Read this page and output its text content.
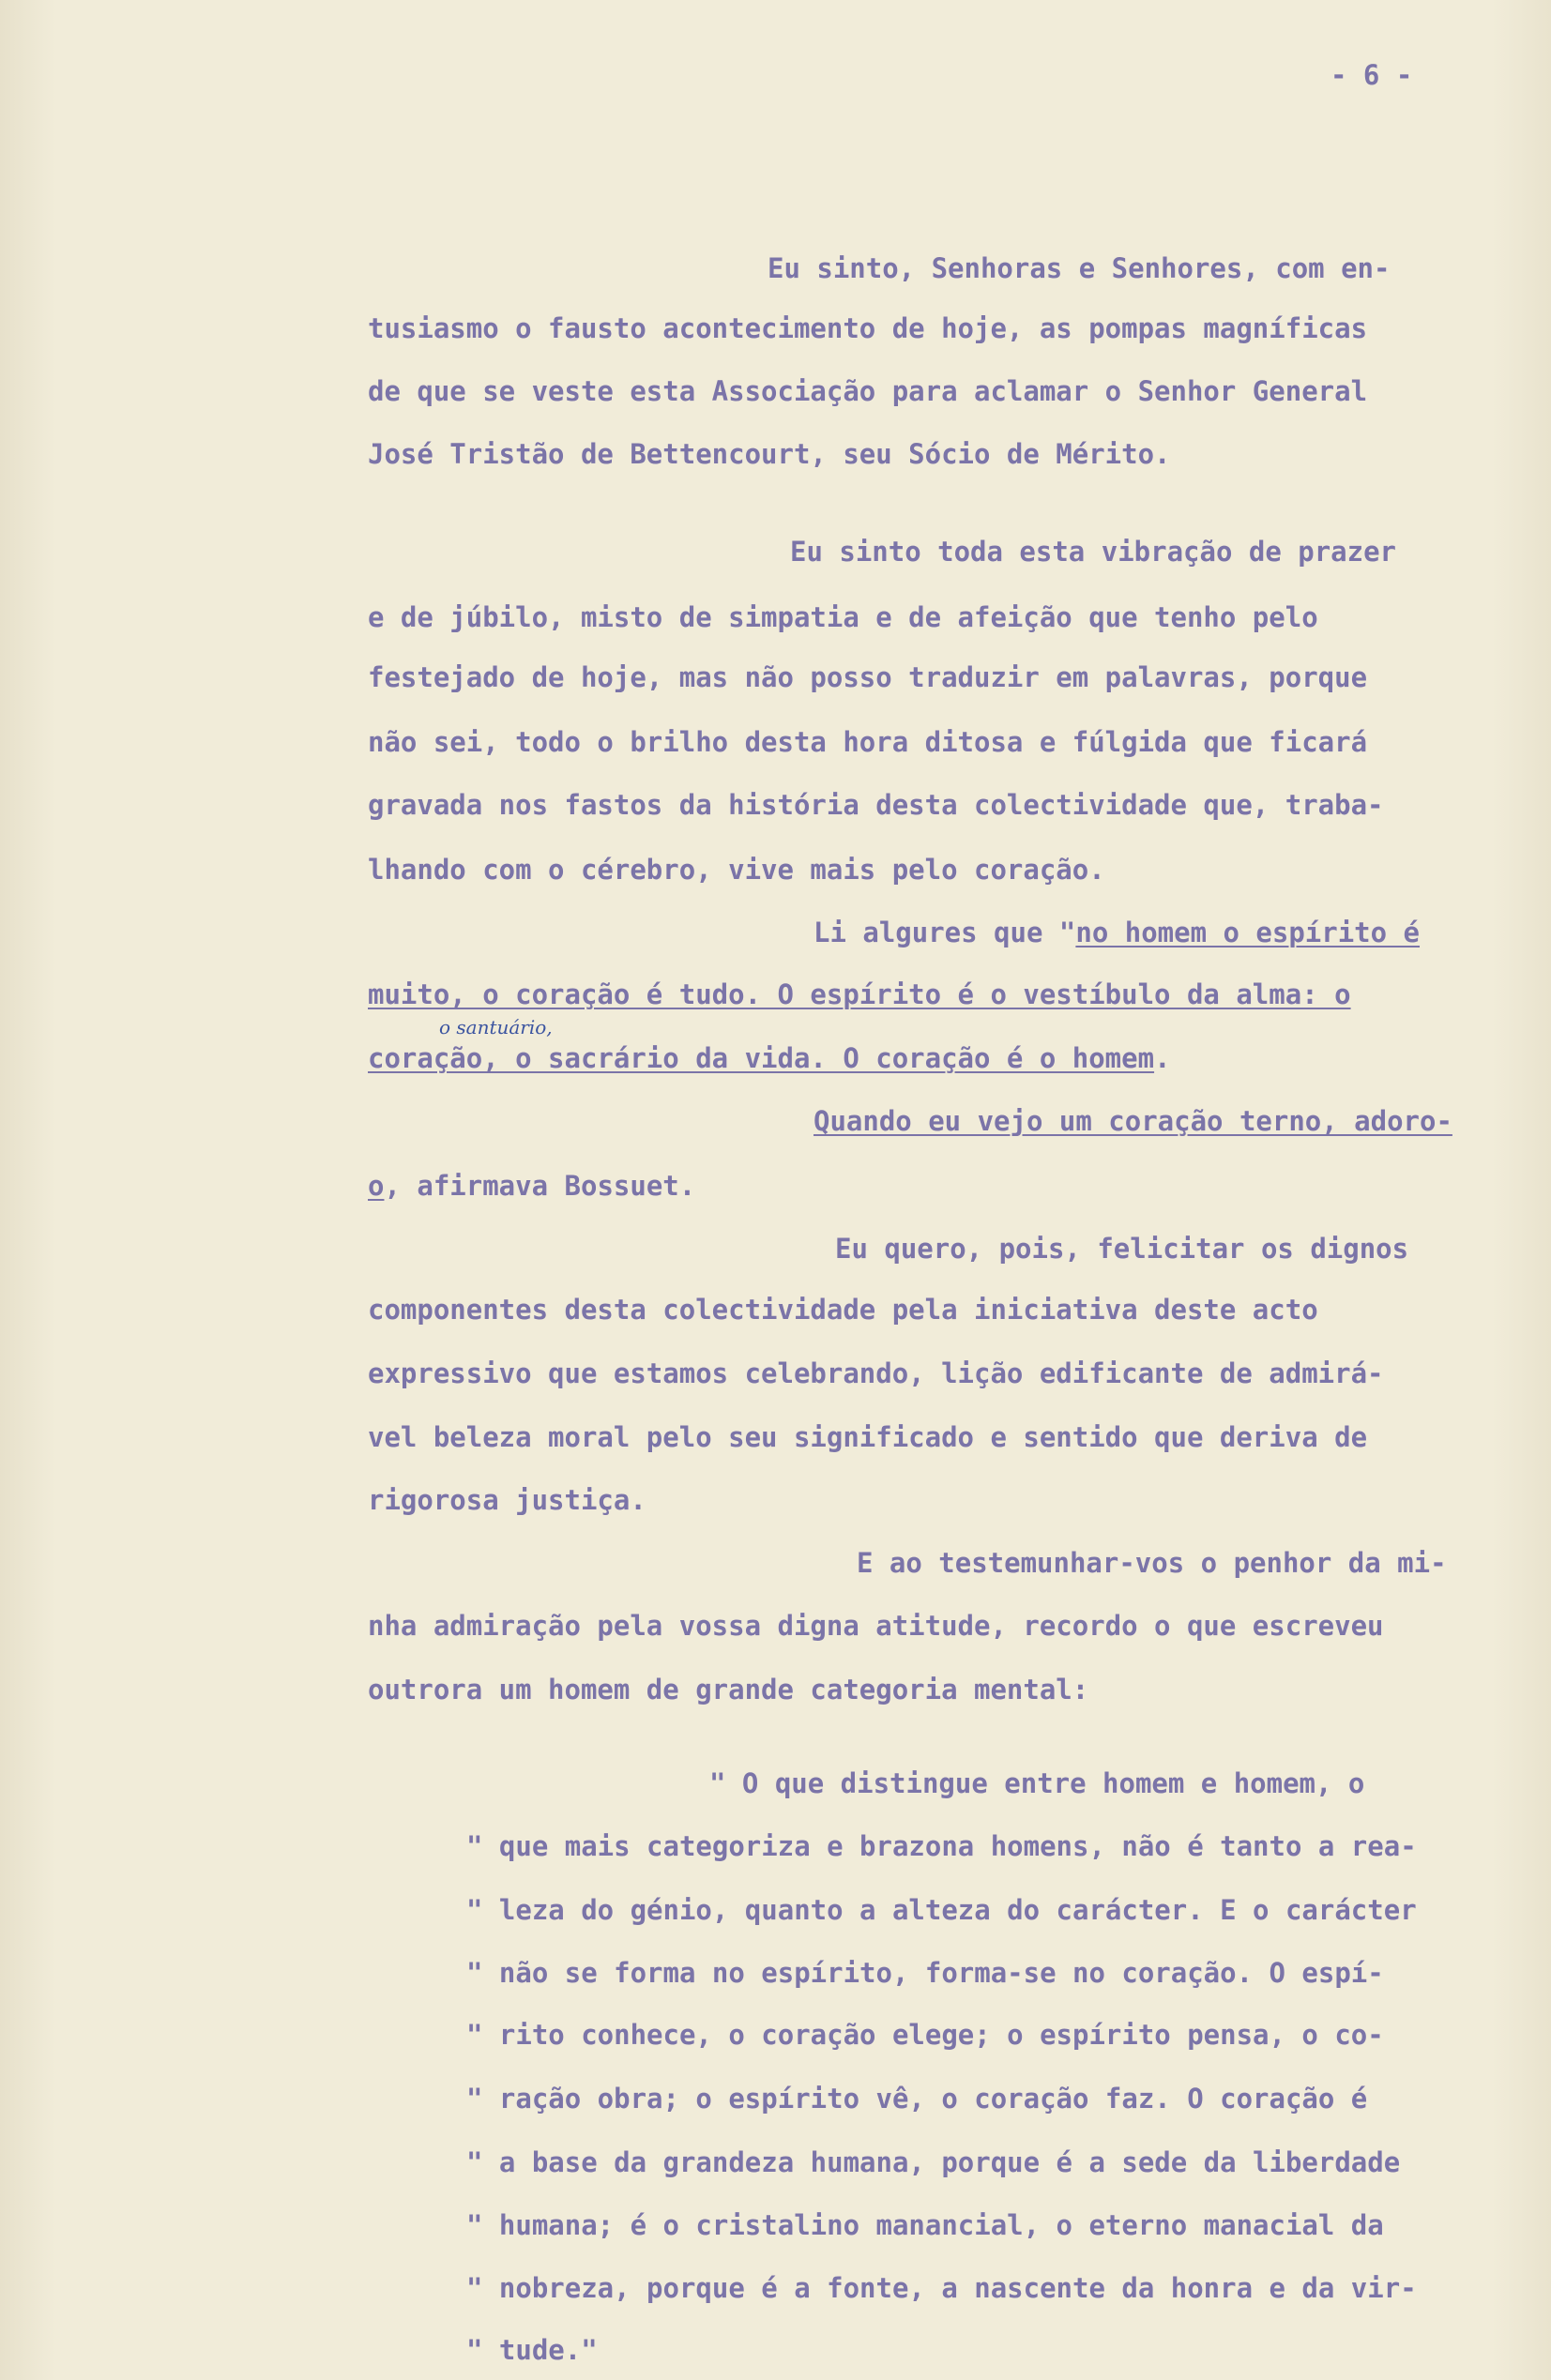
- 6 -
Eu sinto, Senhoras e Senhores, com en-
tusiasmo o fausto acontecimento de hoje, as pompas magníficas
de que se veste esta Associação para aclamar o Senhor General
José Tristão de Bettencourt, seu Sócio de Mérito.
Eu sinto toda esta vibração de prazer
e de júbilo, misto de simpatia e de afeição que tenho pelo
festejado de hoje, mas não posso traduzir em palavras, porque
não sei, todo o brilho desta hora ditosa e fúlgida que ficará
gravada nos fastos da história desta colectividade que, traba-
lhando com o cérebro, vive mais pelo coração.
Li algures que "no homem o espírito é
muito, o coração é tudo. O espírito é o vestíbulo da alma: o
o santuário,
coração, o sacrário da vida. O coração é o homem.
Quando eu vejo um coração terno, adoro-
o, afirmava Bossuet.
Eu quero, pois, felicitar os dignos
componentes desta colectividade pela iniciativa deste acto
expressivo que estamos celebrando, lição edificante de admirá-
vel beleza moral pelo seu significado e sentido que deriva de
rigorosa justiça.
E ao testemunhar-vos o penhor da mi-
nha admiração pela vossa digna atitude, recordo o que escreveu
outrora um homem de grande categoria mental:
" O que distingue entre homem e homem, o
" que mais categoriza e brazona homens, não é tanto a rea-
" leza do génio, quanto a alteza do carácter. E o carácter
" não se forma no espírito, forma-se no coração. O espí-
" rito conhece, o coração elege; o espírito pensa, o co-
" ração obra; o espírito vê, o coração faz. O coração é
" a base da grandeza humana, porque é a sede da liberdade
" humana; é o cristalino manancial, o eterno manacial da
" nobreza, porque é a fonte, a nascente da honra e da vir-
" tude."
